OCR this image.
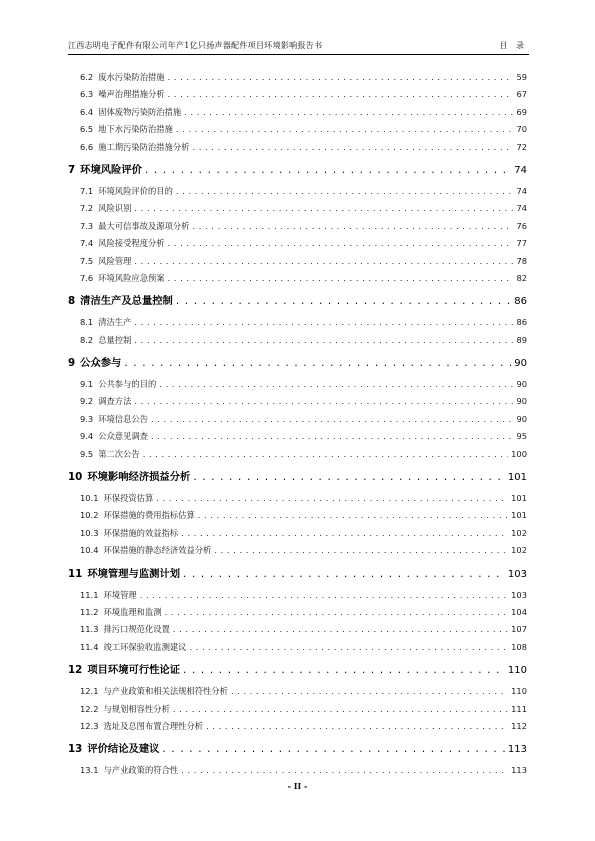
江西志明电子配件有限公司年产1亿只扬声器配件项目环境影响报告书	目 录
6.2 废水污染防治措施 . . .	59
6.3 噪声治理措施分析 . . .	67
6.4 固体废物污染防治措施 . . .	69
6.5 地下水污染防治措施 . . .	70
6.6 施工期污染防治措施分析 . . .	72
7 环境风险评价 . . .	74
7.1 环境风险评价的目的 . . .	74
7.2 风险识别 . . .	74
7.3 最大可信事故及源项分析 . . .	76
7.4 风险接受程度分析 . . .	77
7.5 风险管理 . . .	78
7.6 环境风险应急预案 . . .	82
8 清洁生产及总量控制 . . .	86
8.1 清洁生产 . . .	86
8.2 总量控制 . . .	89
9 公众参与 . . .	90
9.1 公共参与的目的 . . .	90
9.2 调查方法 . . .	90
9.3 环境信息公告 . . .	90
9.4 公众意见调查 . . .	95
9.5 第二次公告 . . .	100
10 环境影响经济损益分析 . . .	101
10.1 环保投资估算 . . .	101
10.2 环保措施的费用指标估算 . . .	101
10.3 环保措施的效益指标 . . .	102
10.4 环保措施的静态经济效益分析 . . .	102
11 环境管理与监测计划 . . .	103
11.1 环境管理 . . .	103
11.2 环境监理和监测 . . .	104
11.3 排污口规范化设置 . . .	107
11.4 竣工环保验收监测建议 . . .	108
12 项目环境可行性论证 . . .	110
12.1 与产业政策和相关法规相符性分析 . . .	110
12.2 与规划相容性分析 . . .	111
12.3 选址及总图布置合理性分析 . . .	112
13 评价结论及建议 . . .	113
13.1 与产业政策的符合性 . . .	113
- II -
